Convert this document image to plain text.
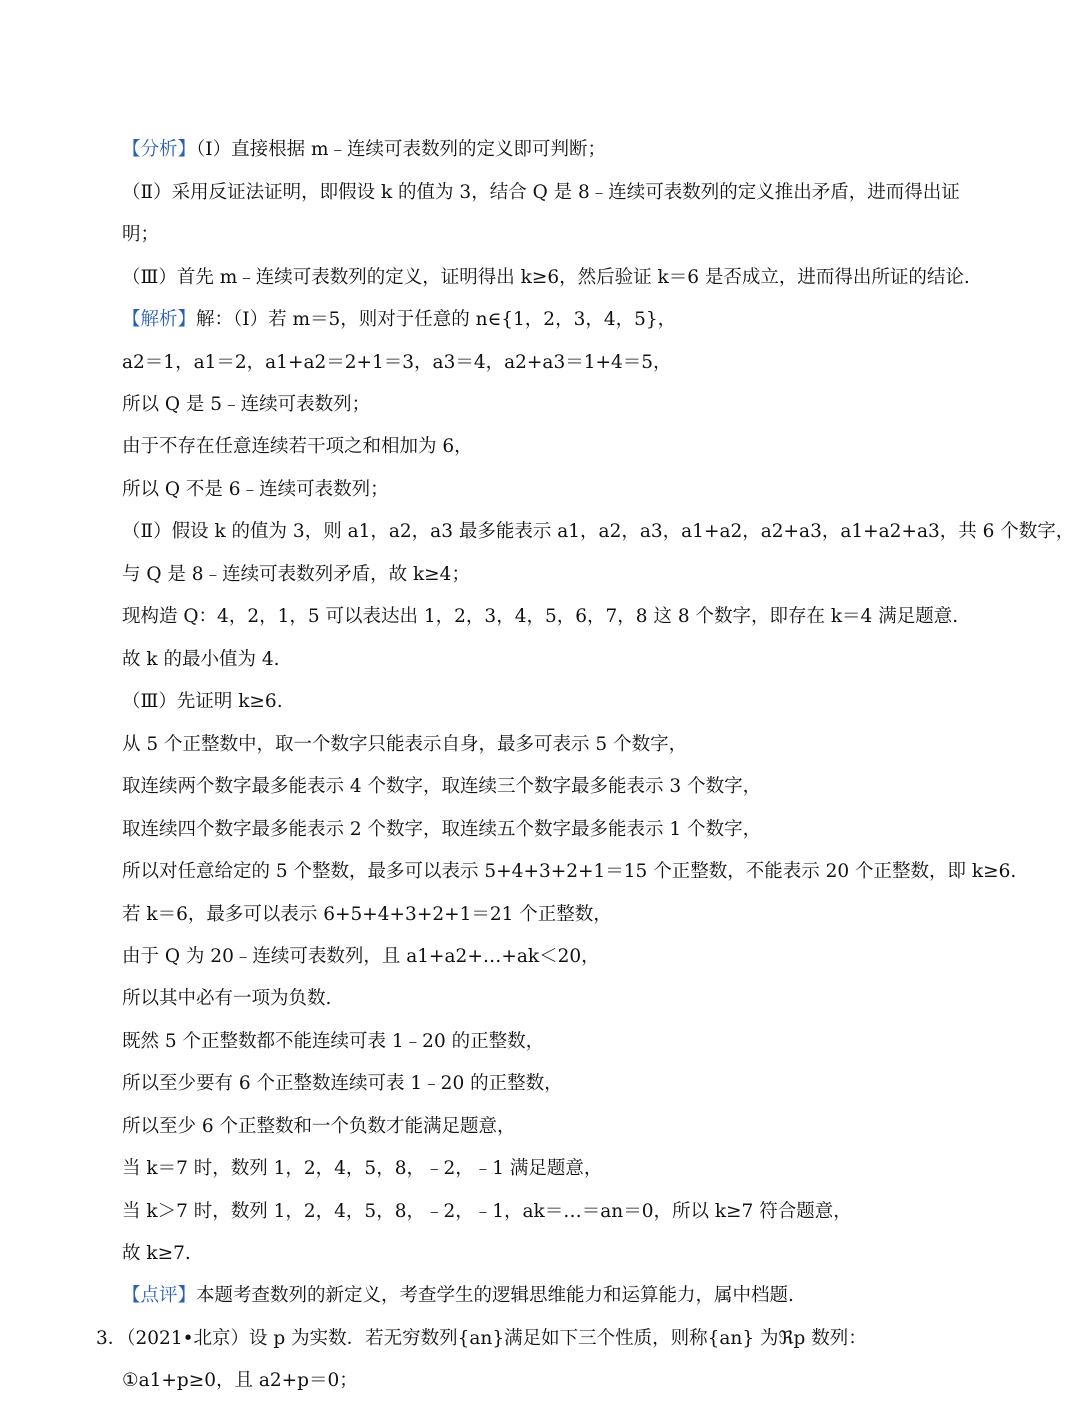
【分析】（Ⅰ）直接根据 m﹣连续可表数列的定义即可判断；
（Ⅱ）采用反证法证明，即假设 k 的值为 3，结合 Q 是 8﹣连续可表数列的定义推出矛盾，进而得出证
明；
（Ⅲ）首先 m﹣连续可表数列的定义，证明得出 k≥6，然后验证 k＝6 是否成立，进而得出所证的结论.
【解析】解：（Ⅰ）若 m＝5，则对于任意的 n∈{1，2，3，4，5}，
a2＝1，a1＝2，a1+a2＝2+1＝3，a3＝4，a2+a3＝1+4＝5，
所以 Q 是 5﹣连续可表数列；
由于不存在任意连续若干项之和相加为 6，
所以 Q 不是 6﹣连续可表数列；
（Ⅱ）假设 k 的值为 3，则 a1，a2，a3 最多能表示 a1，a2，a3，a1+a2，a2+a3，a1+a2+a3，共 6 个数字，
与 Q 是 8﹣连续可表数列矛盾，故 k≥4；
现构造 Q：4，2，1，5 可以表达出 1，2，3，4，5，6，7，8 这 8 个数字，即存在 k＝4 满足题意.
故 k 的最小值为 4.
（Ⅲ）先证明 k≥6.
从 5 个正整数中，取一个数字只能表示自身，最多可表示 5 个数字，
取连续两个数字最多能表示 4 个数字，取连续三个数字最多能表示 3 个数字，
取连续四个数字最多能表示 2 个数字，取连续五个数字最多能表示 1 个数字，
所以对任意给定的 5 个整数，最多可以表示 5+4+3+2+1＝15 个正整数，不能表示 20 个正整数，即 k≥6.
若 k＝6，最多可以表示 6+5+4+3+2+1＝21 个正整数，
由于 Q 为 20﹣连续可表数列，且 a1+a2+…+ak＜20，
所以其中必有一项为负数.
既然 5 个正整数都不能连续可表 1﹣20 的正整数，
所以至少要有 6 个正整数连续可表 1﹣20 的正整数，
所以至少 6 个正整数和一个负数才能满足题意，
当 k＝7 时，数列 1，2，4，5，8，﹣2，﹣1 满足题意，
当 k＞7 时，数列 1，2，4，5，8，﹣2，﹣1，ak＝…＝an＝0，所以 k≥7 符合题意，
故 k≥7.
【点评】本题考查数列的新定义，考查学生的逻辑思维能力和运算能力，属中档题.
3．（2021•北京）设 p 为实数．若无穷数列{an}满足如下三个性质，则称{an} 为ℜp 数列：
①a1+p≥0，且 a2+p＝0；
